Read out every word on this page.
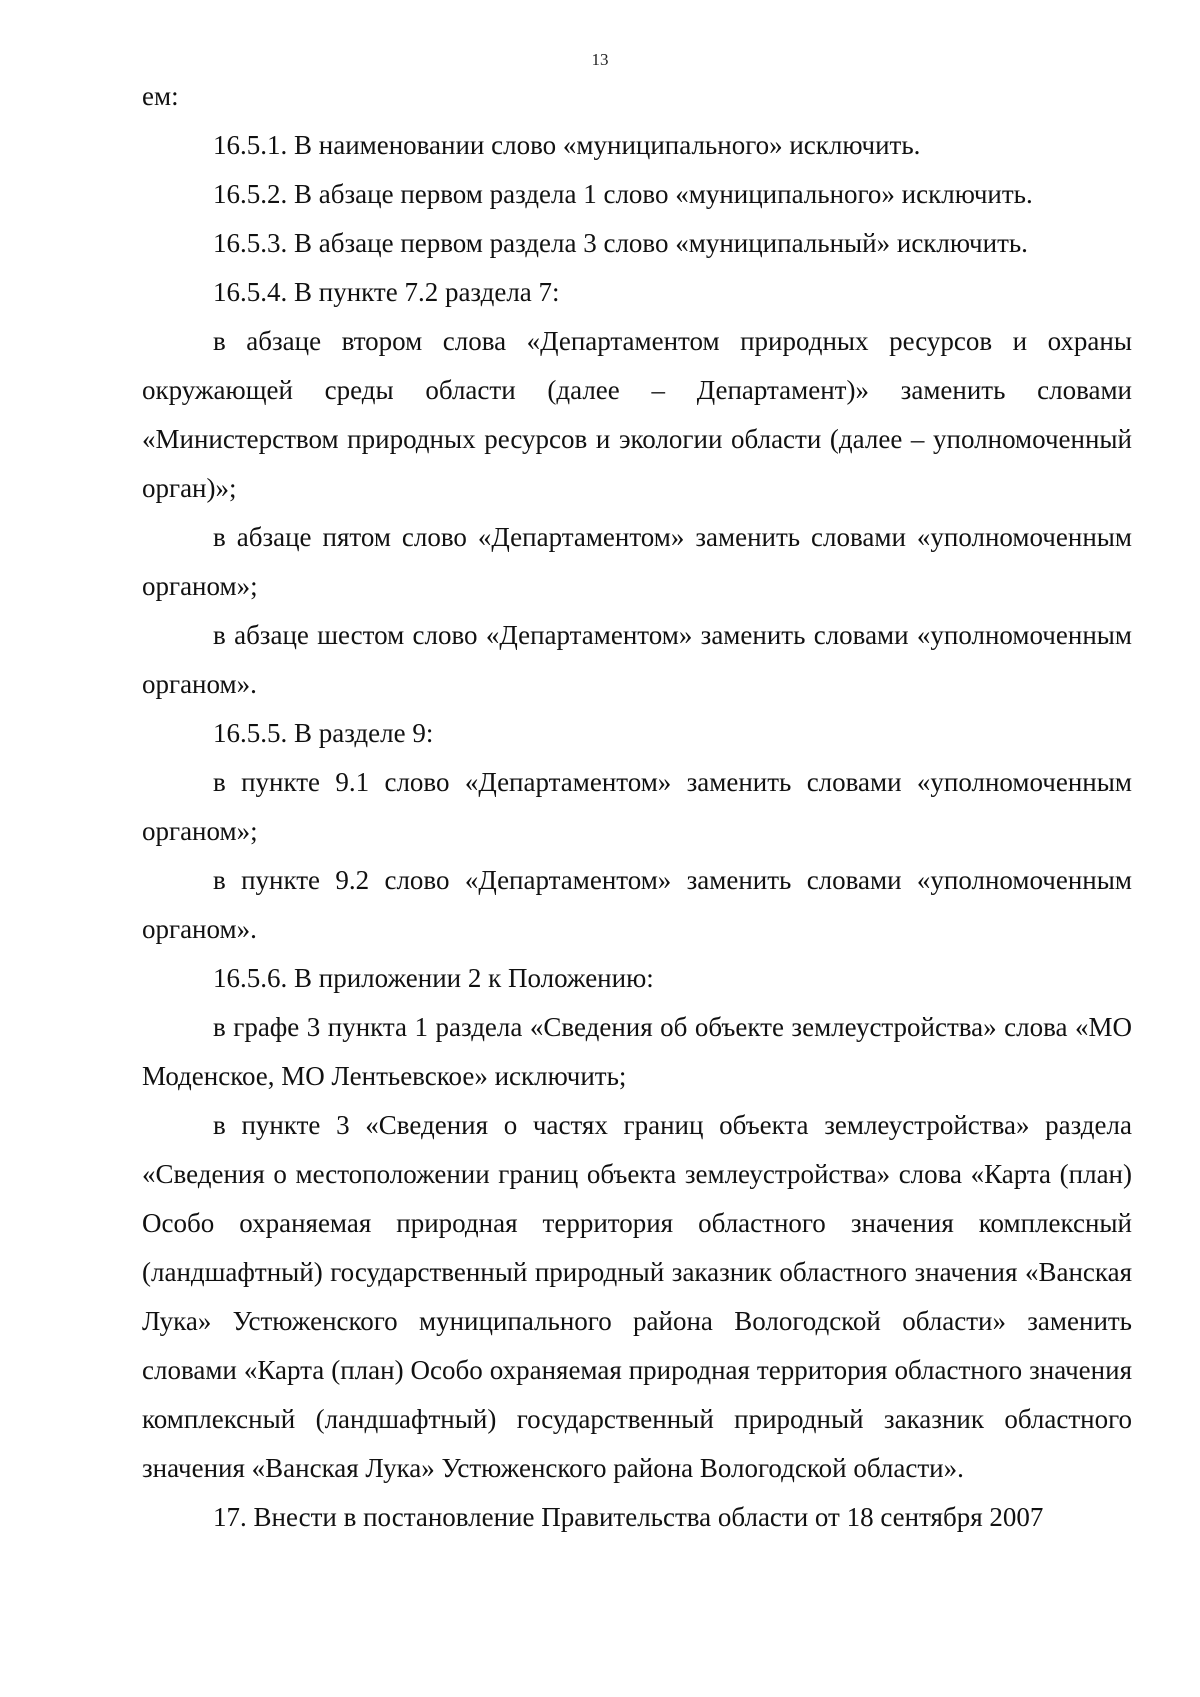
13

ем:

16.5.1. В наименовании слово «муниципального» исключить.

16.5.2. В абзаце первом раздела 1 слово «муниципального» исключить.

16.5.3. В абзаце первом раздела 3 слово «муниципальный» исключить.

16.5.4. В пункте 7.2 раздела 7:

в абзаце втором слова «Департаментом природных ресурсов и охраны окружающей среды области (далее – Департамент)» заменить словами «Министерством природных ресурсов и экологии области (далее – уполномоченный орган)»;

в абзаце пятом слово «Департаментом» заменить словами «уполномоченным органом»;

в абзаце шестом слово «Департаментом» заменить словами «уполномоченным органом».

16.5.5. В разделе 9:

в пункте 9.1 слово «Департаментом» заменить словами «уполномоченным органом»;

в пункте 9.2 слово «Департаментом» заменить словами «уполномоченным органом».

16.5.6. В приложении 2 к Положению:

в графе 3 пункта 1 раздела «Сведения об объекте землеустройства» слова «МО Моденское, МО Лентьевское» исключить;

в пункте 3 «Сведения о частях границ объекта землеустройства» раздела «Сведения о местоположении границ объекта землеустройства» слова «Карта (план) Особо охраняемая природная территория областного значения комплексный (ландшафтный) государственный природный заказник областного значения «Ванская Лука» Устюженского муниципального района Вологодской области» заменить словами «Карта (план) Особо охраняемая природная территория областного значения комплексный (ландшафтный) государственный природный заказник областного значения «Ванская Лука» Устюженского района Вологодской области».

17. Внести в постановление Правительства области от 18 сентября 2007
